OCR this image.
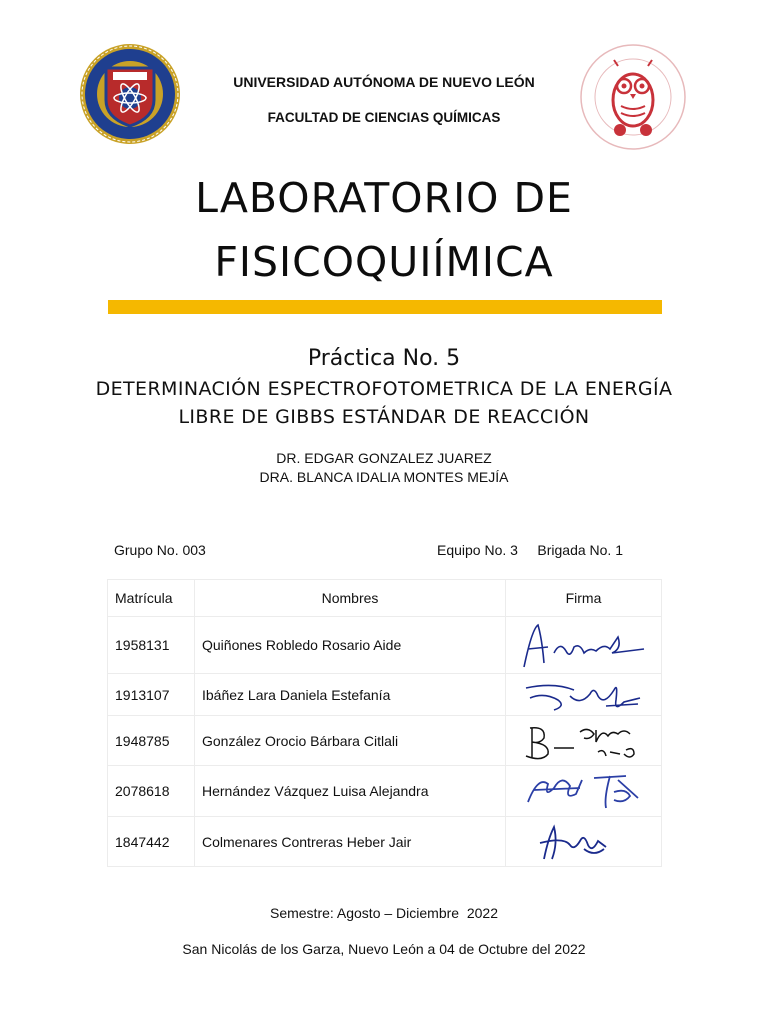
UNIVERSIDAD AUTÓNOMA DE NUEVO LEÓN
FACULTAD DE CIENCIAS QUÍMICAS
LABORATORIO DE
FISICOQUIÍMICA
Práctica No. 5
DETERMINACIÓN ESPECTROFOTOMETRICA DE LA ENERGÍA
LIBRE DE GIBBS ESTÁNDAR DE REACCIÓN
DR. EDGAR GONZALEZ JUAREZ
DRA. BLANCA IDALIA MONTES MEJÍA
Grupo No. 003	Equipo No. 3     Brigada No. 1
Matrícula	Nombres	Firma
1958131	Quiñones Robledo Rosario Aide	

1913107	Ibáñez Lara Daniela Estefanía	

1948785	González Orocio Bárbara Citlali	

2078618	Hernández Vázquez Luisa Alejandra	

1847442	Colmenares Contreras Heber Jair	
Semestre: Agosto – Diciembre  2022
San Nicolás de los Garza, Nuevo León a 04 de Octubre del 2022
